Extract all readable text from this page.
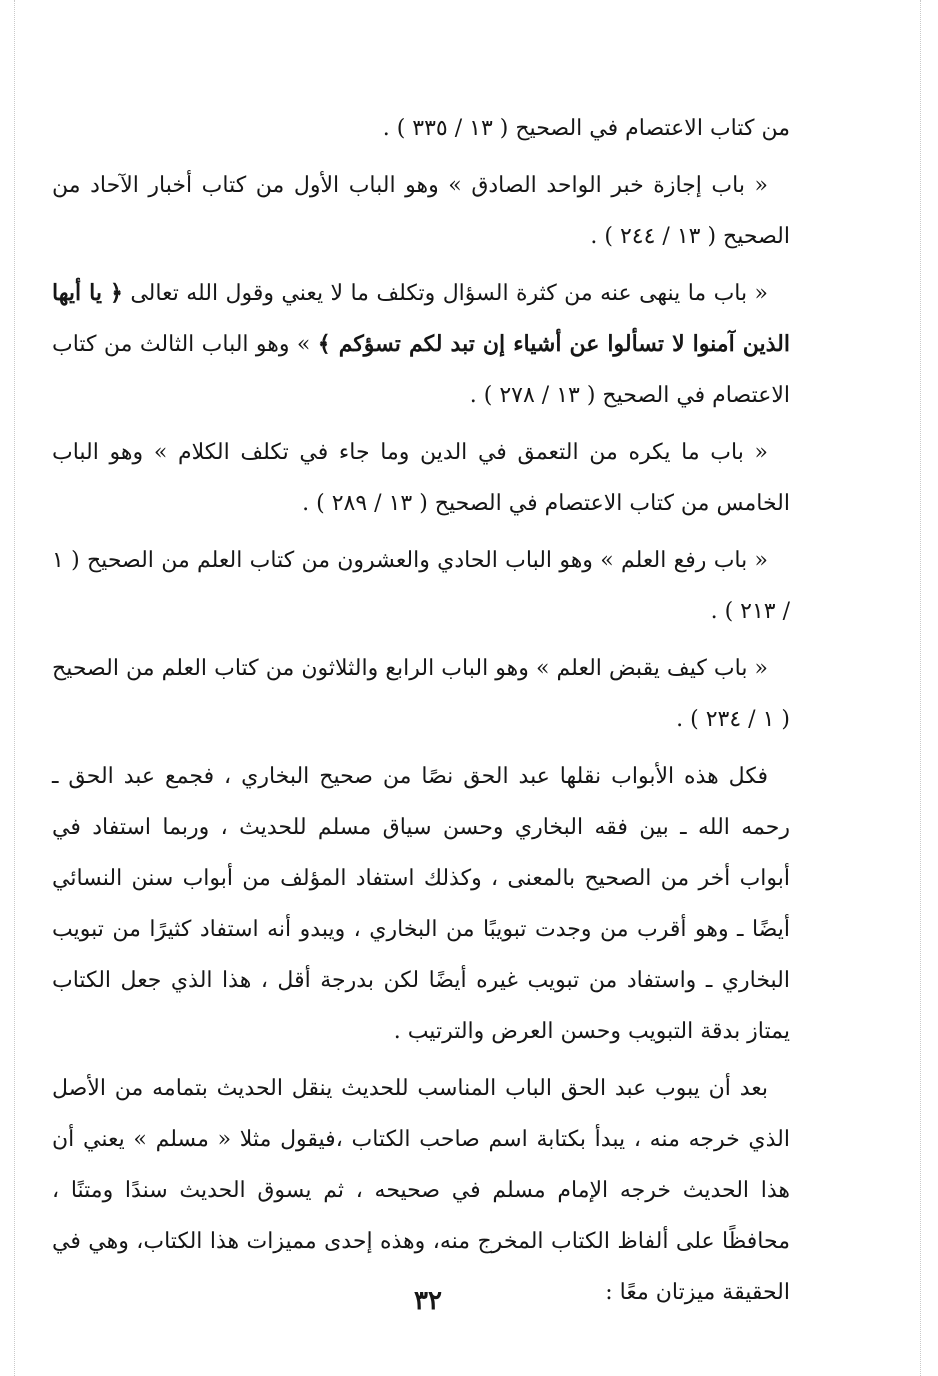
من كتاب الاعتصام في الصحيح ( ١٣ / ٣٣٥ ) .

« باب إجازة خبر الواحد الصادق » وهو الباب الأول من كتاب أخبار الآحاد من الصحيح ( ١٣ / ٢٤٤ ) .

« باب ما ينهى عنه من كثرة السؤال وتكلف ما لا يعني وقول الله تعالى ﴿ يا أيها الذين آمنوا لا تسألوا عن أشياء إن تبد لكم تسؤكم ﴾ » وهو الباب الثالث من كتاب الاعتصام في الصحيح ( ١٣ / ٢٧٨ ) .

« باب ما يكره من التعمق في الدين وما جاء في تكلف الكلام » وهو الباب الخامس من كتاب الاعتصام في الصحيح ( ١٣ / ٢٨٩ ) .

« باب رفع العلم » وهو الباب الحادي والعشرون من كتاب العلم من الصحيح ( ١ / ٢١٣ ) .

« باب كيف يقبض العلم » وهو الباب الرابع والثلاثون من كتاب العلم من الصحيح ( ١ / ٢٣٤ ) .

فكل هذه الأبواب نقلها عبد الحق نصًا من صحيح البخاري ، فجمع عبد الحق ـ رحمه الله ـ بين فقه البخاري وحسن سياق مسلم للحديث ، وربما استفاد في أبواب أخر من الصحيح بالمعنى ، وكذلك استفاد المؤلف من أبواب سنن النسائي أيضًا ـ وهو أقرب من وجدت تبويبًا من البخاري ، ويبدو أنه استفاد كثيرًا من تبويب البخاري ـ واستفاد من تبويب غيره أيضًا لكن بدرجة أقل ، هذا الذي جعل الكتاب يمتاز بدقة التبويب وحسن العرض والترتيب .

بعد أن يبوب عبد الحق الباب المناسب للحديث ينقل الحديث بتمامه من الأصل الذي خرجه منه ، يبدأ بكتابة اسم صاحب الكتاب ،فيقول مثلا « مسلم » يعني أن هذا الحديث خرجه الإمام مسلم في صحيحه ، ثم يسوق الحديث سندًا ومتنًا ، محافظًا على ألفاظ الكتاب المخرج منه، وهذه إحدى مميزات هذا الكتاب، وهي في الحقيقة ميزتان معًا :

٣٢
